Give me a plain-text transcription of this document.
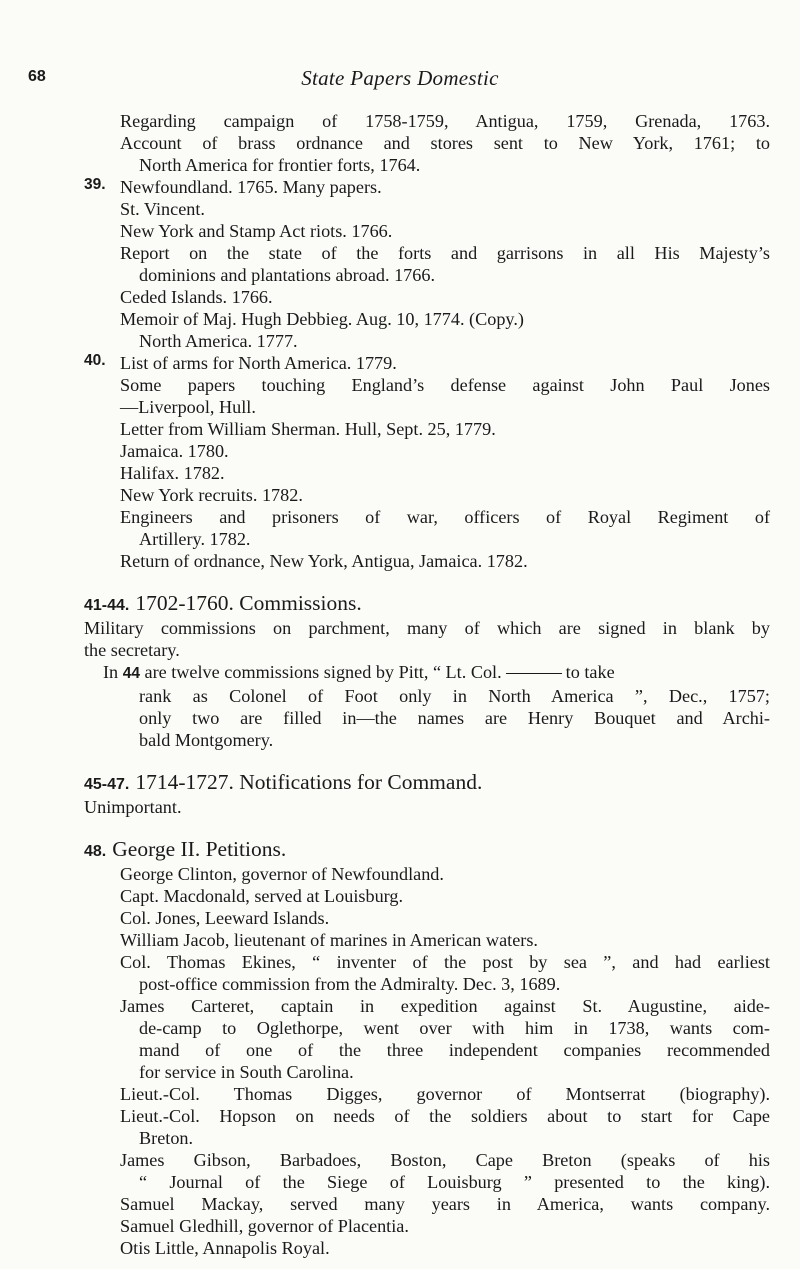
68	State Papers Domestic
Regarding campaign of 1758-1759, Antigua, 1759, Grenada, 1763.
Account of brass ordnance and stores sent to New York, 1761; to
North America for frontier forts, 1764.
39. Newfoundland. 1765. Many papers.
St. Vincent.
New York and Stamp Act riots. 1766.
Report on the state of the forts and garrisons in all His Majesty’s
dominions and plantations abroad. 1766.
Ceded Islands. 1766.
Memoir of Maj. Hugh Debbieg. Aug. 10, 1774. (Copy.)
North America. 1777.
40. List of arms for North America. 1779.
Some papers touching England’s defense against John Paul Jones
—Liverpool, Hull.
Letter from William Sherman. Hull, Sept. 25, 1779.
Jamaica. 1780.
Halifax. 1782.
New York recruits. 1782.
Engineers and prisoners of war, officers of Royal Regiment of
Artillery. 1782.
Return of ordnance, New York, Antigua, Jamaica. 1782.
41-44. 1702-1760. Commissions.
Military commissions on parchment, many of which are signed in blank by
the secretary.
In 44 are twelve commissions signed by Pitt, “ Lt. Col.	to take
rank as Colonel of Foot only in North America ”, Dec., 1757;
only two are filled in—the names are Henry Bouquet and Archi-
bald Montgomery.
45-47. 1714-1727. Notifications for Command.
Unimportant.
48. George II. Petitions.
George Clinton, governor of Newfoundland.
Capt. Macdonald, served at Louisburg.
Col. Jones, Leeward Islands.
William Jacob, lieutenant of marines in American waters.
Col. Thomas Ekines, “ inventer of the post by sea ”, and had earliest
post-office commission from the Admiralty. Dec. 3, 1689.
James Carteret, captain in expedition against St. Augustine, aide-
de-camp to Oglethorpe, went over with him in 1738, wants com-
mand of one of the three independent companies recommended
for service in South Carolina.
Lieut.-Col. Thomas Digges, governor of Montserrat (biography).
Lieut.-Col. Hopson on needs of the soldiers about to start for Cape
Breton.
James Gibson, Barbadoes, Boston, Cape Breton (speaks of his
“ Journal of the Siege of Louisburg ” presented to the king).
Samuel Mackay, served many years in America, wants company.
Samuel Gledhill, governor of Placentia.
Otis Little, Annapolis Royal.
